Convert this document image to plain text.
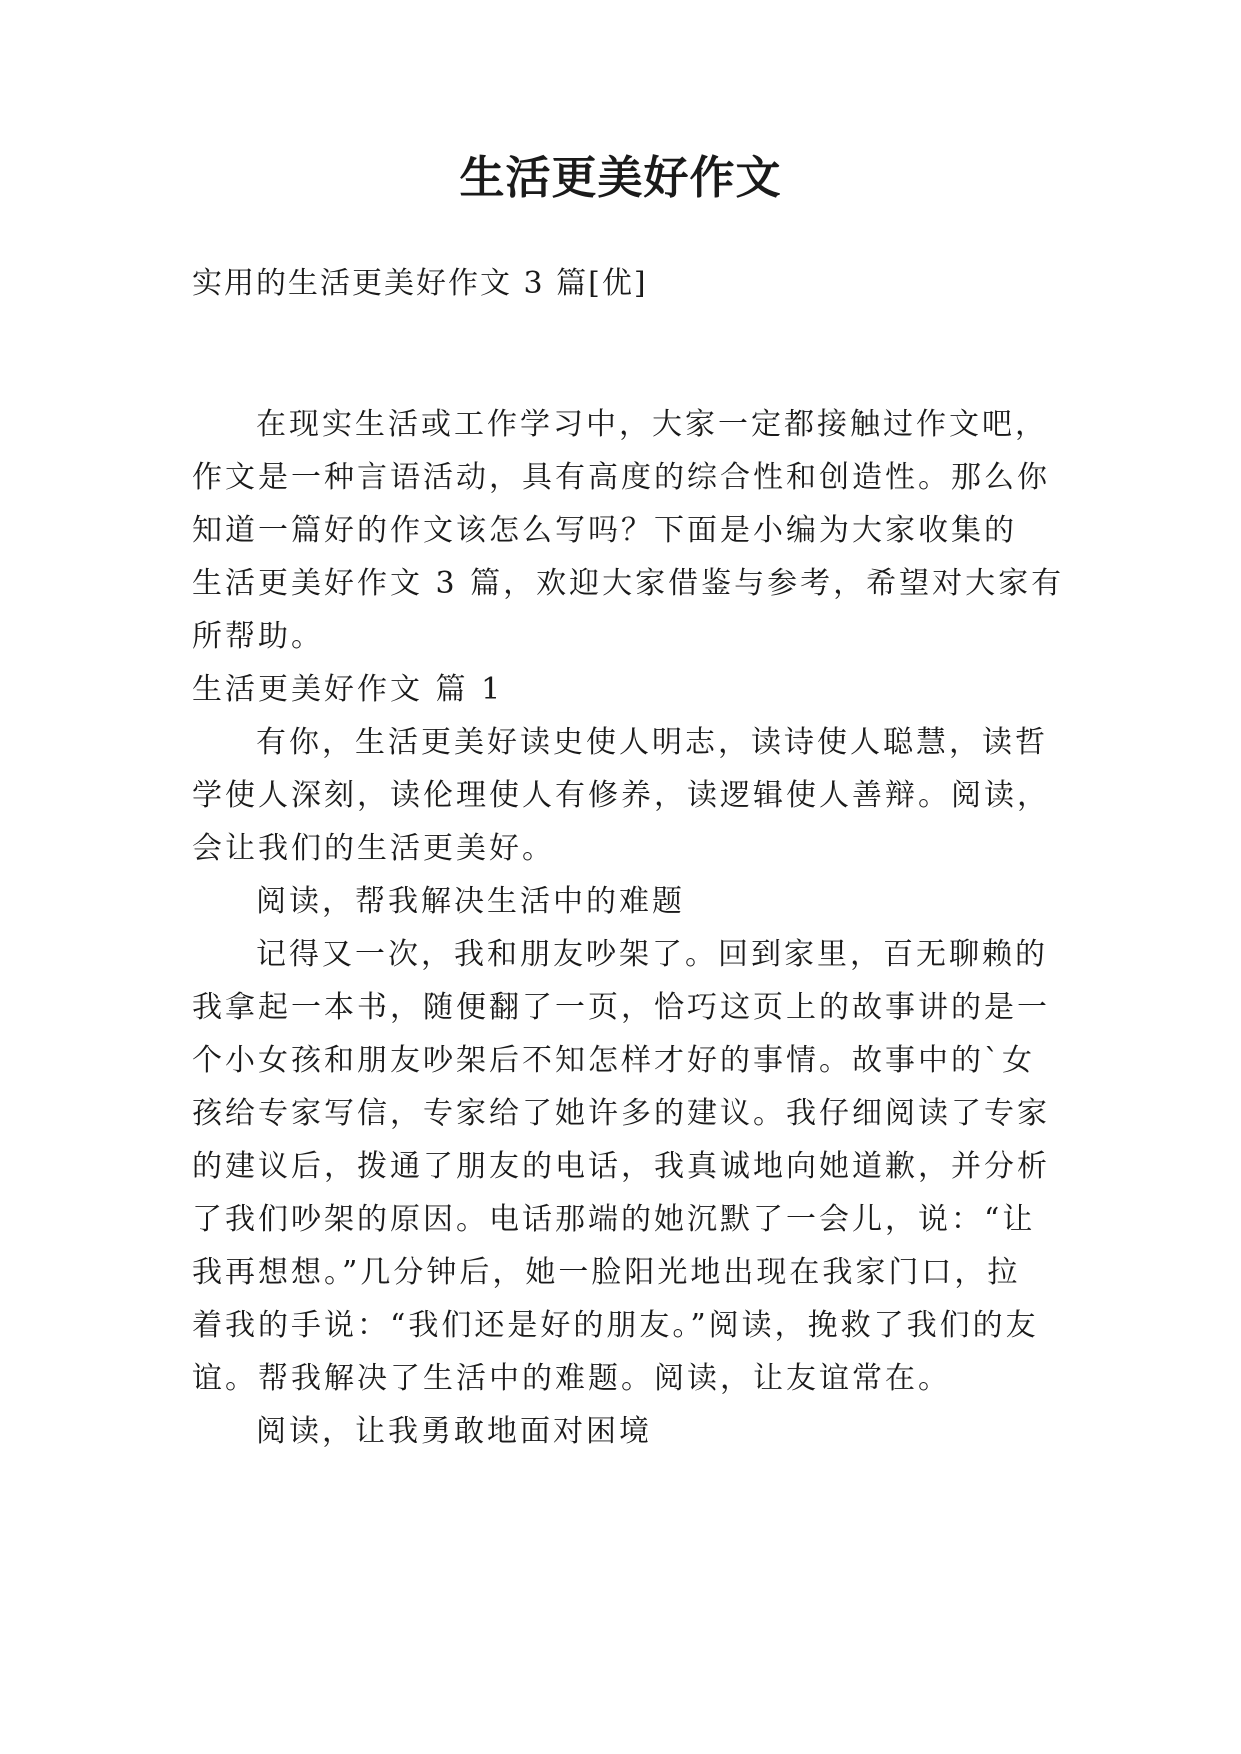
生活更美好作文

实用的生活更美好作文 3 篇[优]

在现实生活或工作学习中，大家一定都接触过作文吧，
作文是一种言语活动，具有高度的综合性和创造性。那么你
知道一篇好的作文该怎么写吗？下面是小编为大家收集的
生活更美好作文 3 篇，欢迎大家借鉴与参考，希望对大家有
所帮助。
生活更美好作文 篇 1
有你，生活更美好读史使人明志，读诗使人聪慧，读哲
学使人深刻，读伦理使人有修养，读逻辑使人善辩。阅读，
会让我们的生活更美好。
阅读，帮我解决生活中的难题
记得又一次，我和朋友吵架了。回到家里，百无聊赖的
我拿起一本书，随便翻了一页，恰巧这页上的故事讲的是一
个小女孩和朋友吵架后不知怎样才好的事情。故事中的`女
孩给专家写信，专家给了她许多的建议。我仔细阅读了专家
的建议后，拨通了朋友的电话，我真诚地向她道歉，并分析
了我们吵架的原因。电话那端的她沉默了一会儿，说：“让
我再想想。”几分钟后，她一脸阳光地出现在我家门口，拉
着我的手说：“我们还是好的朋友。”阅读，挽救了我们的友
谊。帮我解决了生活中的难题。阅读，让友谊常在。
阅读，让我勇敢地面对困境
